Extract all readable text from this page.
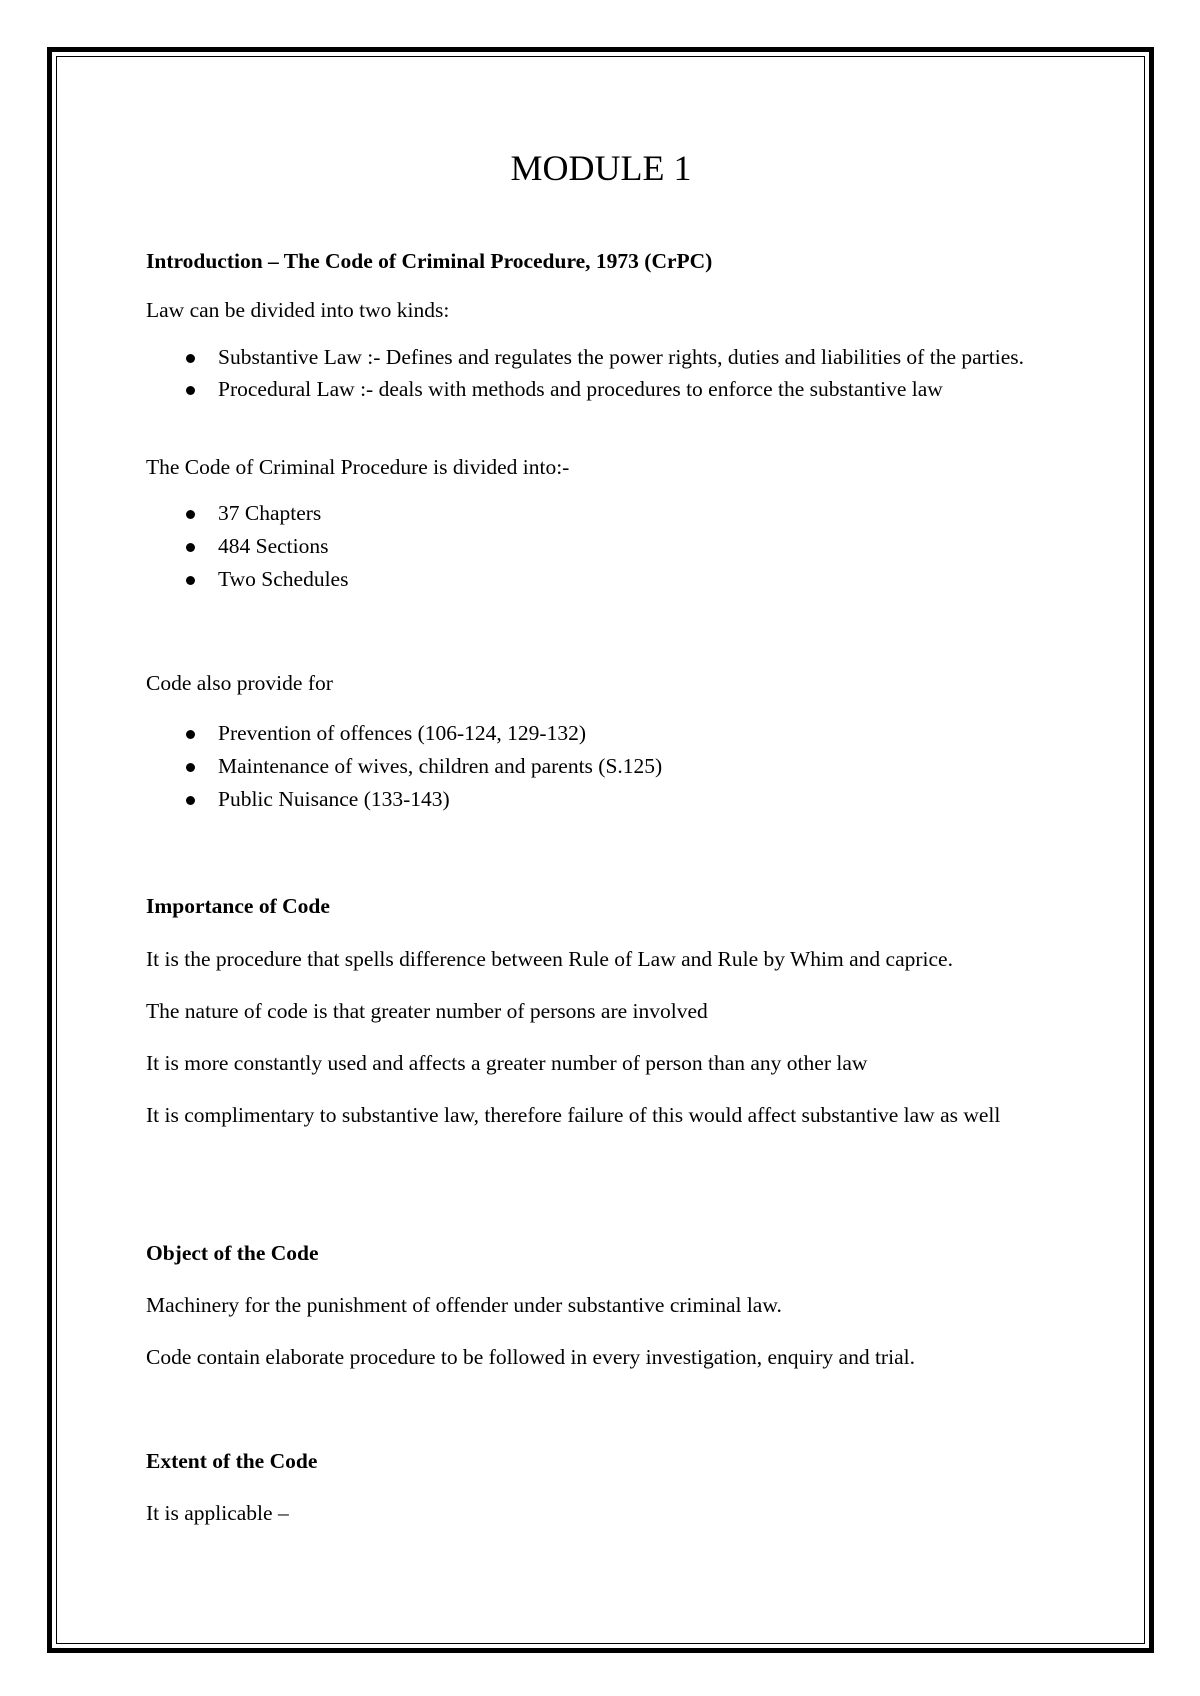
MODULE 1

Introduction – The Code of Criminal Procedure, 1973 (CrPC)

Law can be divided into two kinds:

Substantive Law :- Defines and regulates the power rights, duties and liabilities of the parties.
Procedural Law :- deals with methods and procedures to enforce the substantive law

The Code of Criminal Procedure is divided into:-

37 Chapters
484 Sections
Two Schedules

Code also provide for

Prevention of offences (106-124, 129-132)
Maintenance of wives, children and parents (S.125)
Public Nuisance (133-143)

Importance of Code

It is the procedure that spells difference between Rule of Law and Rule by Whim and caprice.

The nature of code is that greater number of persons are involved

It is more constantly used and affects a greater number of person than any other law

It is complimentary to substantive law, therefore failure of this would affect substantive law as well

Object of the Code

Machinery for the punishment of offender under substantive criminal law.

Code contain elaborate procedure to be followed in every investigation, enquiry and trial.

Extent of the Code

It is applicable –
